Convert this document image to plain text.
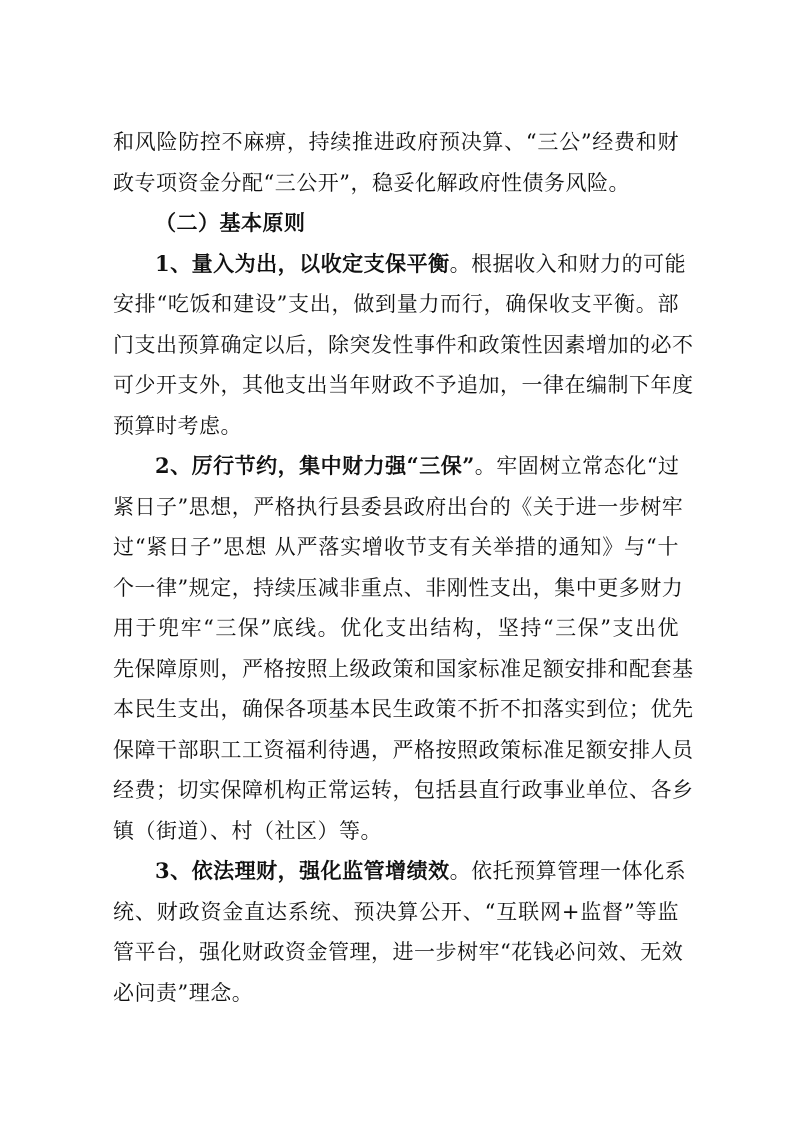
和风险防控不麻痹，持续推进政府预决算、“三公”经费和财
政专项资金分配“三公开”，稳妥化解政府性债务风险。
（二）基本原则
1、量入为出，以收定支保平衡。根据收入和财力的可能
安排“吃饭和建设”支出，做到量力而行，确保收支平衡。部
门支出预算确定以后，除突发性事件和政策性因素增加的必不
可少开支外，其他支出当年财政不予追加，一律在编制下年度
预算时考虑。
2、厉行节约，集中财力强“三保”。牢固树立常态化“过
紧日子”思想，严格执行县委县政府出台的《关于进一步树牢
过“紧日子”思想 从严落实增收节支有关举措的通知》与“十
个一律”规定，持续压减非重点、非刚性支出，集中更多财力
用于兜牢“三保”底线。优化支出结构，坚持“三保”支出优
先保障原则，严格按照上级政策和国家标准足额安排和配套基
本民生支出，确保各项基本民生政策不折不扣落实到位；优先
保障干部职工工资福利待遇，严格按照政策标准足额安排人员
经费；切实保障机构正常运转，包括县直行政事业单位、各乡
镇（街道）、村（社区）等。
3、依法理财，强化监管增绩效。依托预算管理一体化系
统、财政资金直达系统、预决算公开、“互联网+监督”等监
管平台，强化财政资金管理，进一步树牢“花钱必问效、无效
必问责”理念。
